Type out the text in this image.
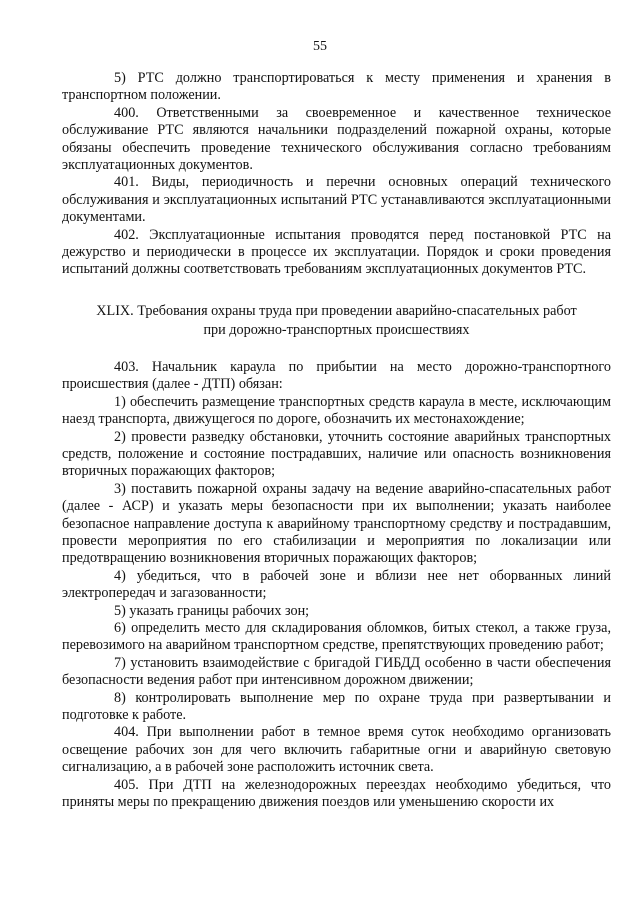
55

5) РТС должно транспортироваться к месту применения и хранения в транспортном положении.

400. Ответственными за своевременное и качественное техническое обслуживание РТС являются начальники подразделений пожарной охраны, которые обязаны обеспечить проведение технического обслуживания согласно требованиям эксплуатационных документов.

401. Виды, периодичность и перечни основных операций технического обслуживания и эксплуатационных испытаний РТС устанавливаются эксплуатационными документами.

402. Эксплуатационные испытания проводятся перед постановкой РТС на дежурство и периодически в процессе их эксплуатации. Порядок и сроки проведения испытаний должны соответствовать требованиям эксплуатационных документов РТС.

XLIX. Требования охраны труда при проведении аварийно-спасательных работ
при дорожно-транспортных происшествиях

403. Начальник караула по прибытии на место дорожно-транспортного происшествия (далее - ДТП) обязан:

1) обеспечить размещение транспортных средств караула в месте, исключающим наезд транспорта, движущегося по дороге, обозначить их местонахождение;

2) провести разведку обстановки, уточнить состояние аварийных транспортных средств, положение и состояние пострадавших, наличие или опасность возникновения вторичных поражающих факторов;

3) поставить пожарной охраны задачу на ведение аварийно-спасательных работ (далее - АСР) и указать меры безопасности при их выполнении; указать наиболее безопасное направление доступа к аварийному транспортному средству и пострадавшим, провести мероприятия по его стабилизации и мероприятия по локализации или предотвращению возникновения вторичных поражающих факторов;

4) убедиться, что в рабочей зоне и вблизи нее нет оборванных линий электропередач и загазованности;

5) указать границы рабочих зон;

6) определить место для складирования обломков, битых стекол, а также груза, перевозимого на аварийном транспортном средстве, препятствующих проведению работ;

7) установить взаимодействие с бригадой ГИБДД особенно в части обеспечения безопасности ведения работ при интенсивном дорожном движении;

8) контролировать выполнение мер по охране труда при развертывании и подготовке к работе.

404. При выполнении работ в темное время суток необходимо организовать освещение рабочих зон для чего включить габаритные огни и аварийную световую сигнализацию, а в рабочей зоне расположить источник света.

405. При ДТП на железнодорожных переездах необходимо убедиться, что приняты меры по прекращению движения поездов или уменьшению скорости их
